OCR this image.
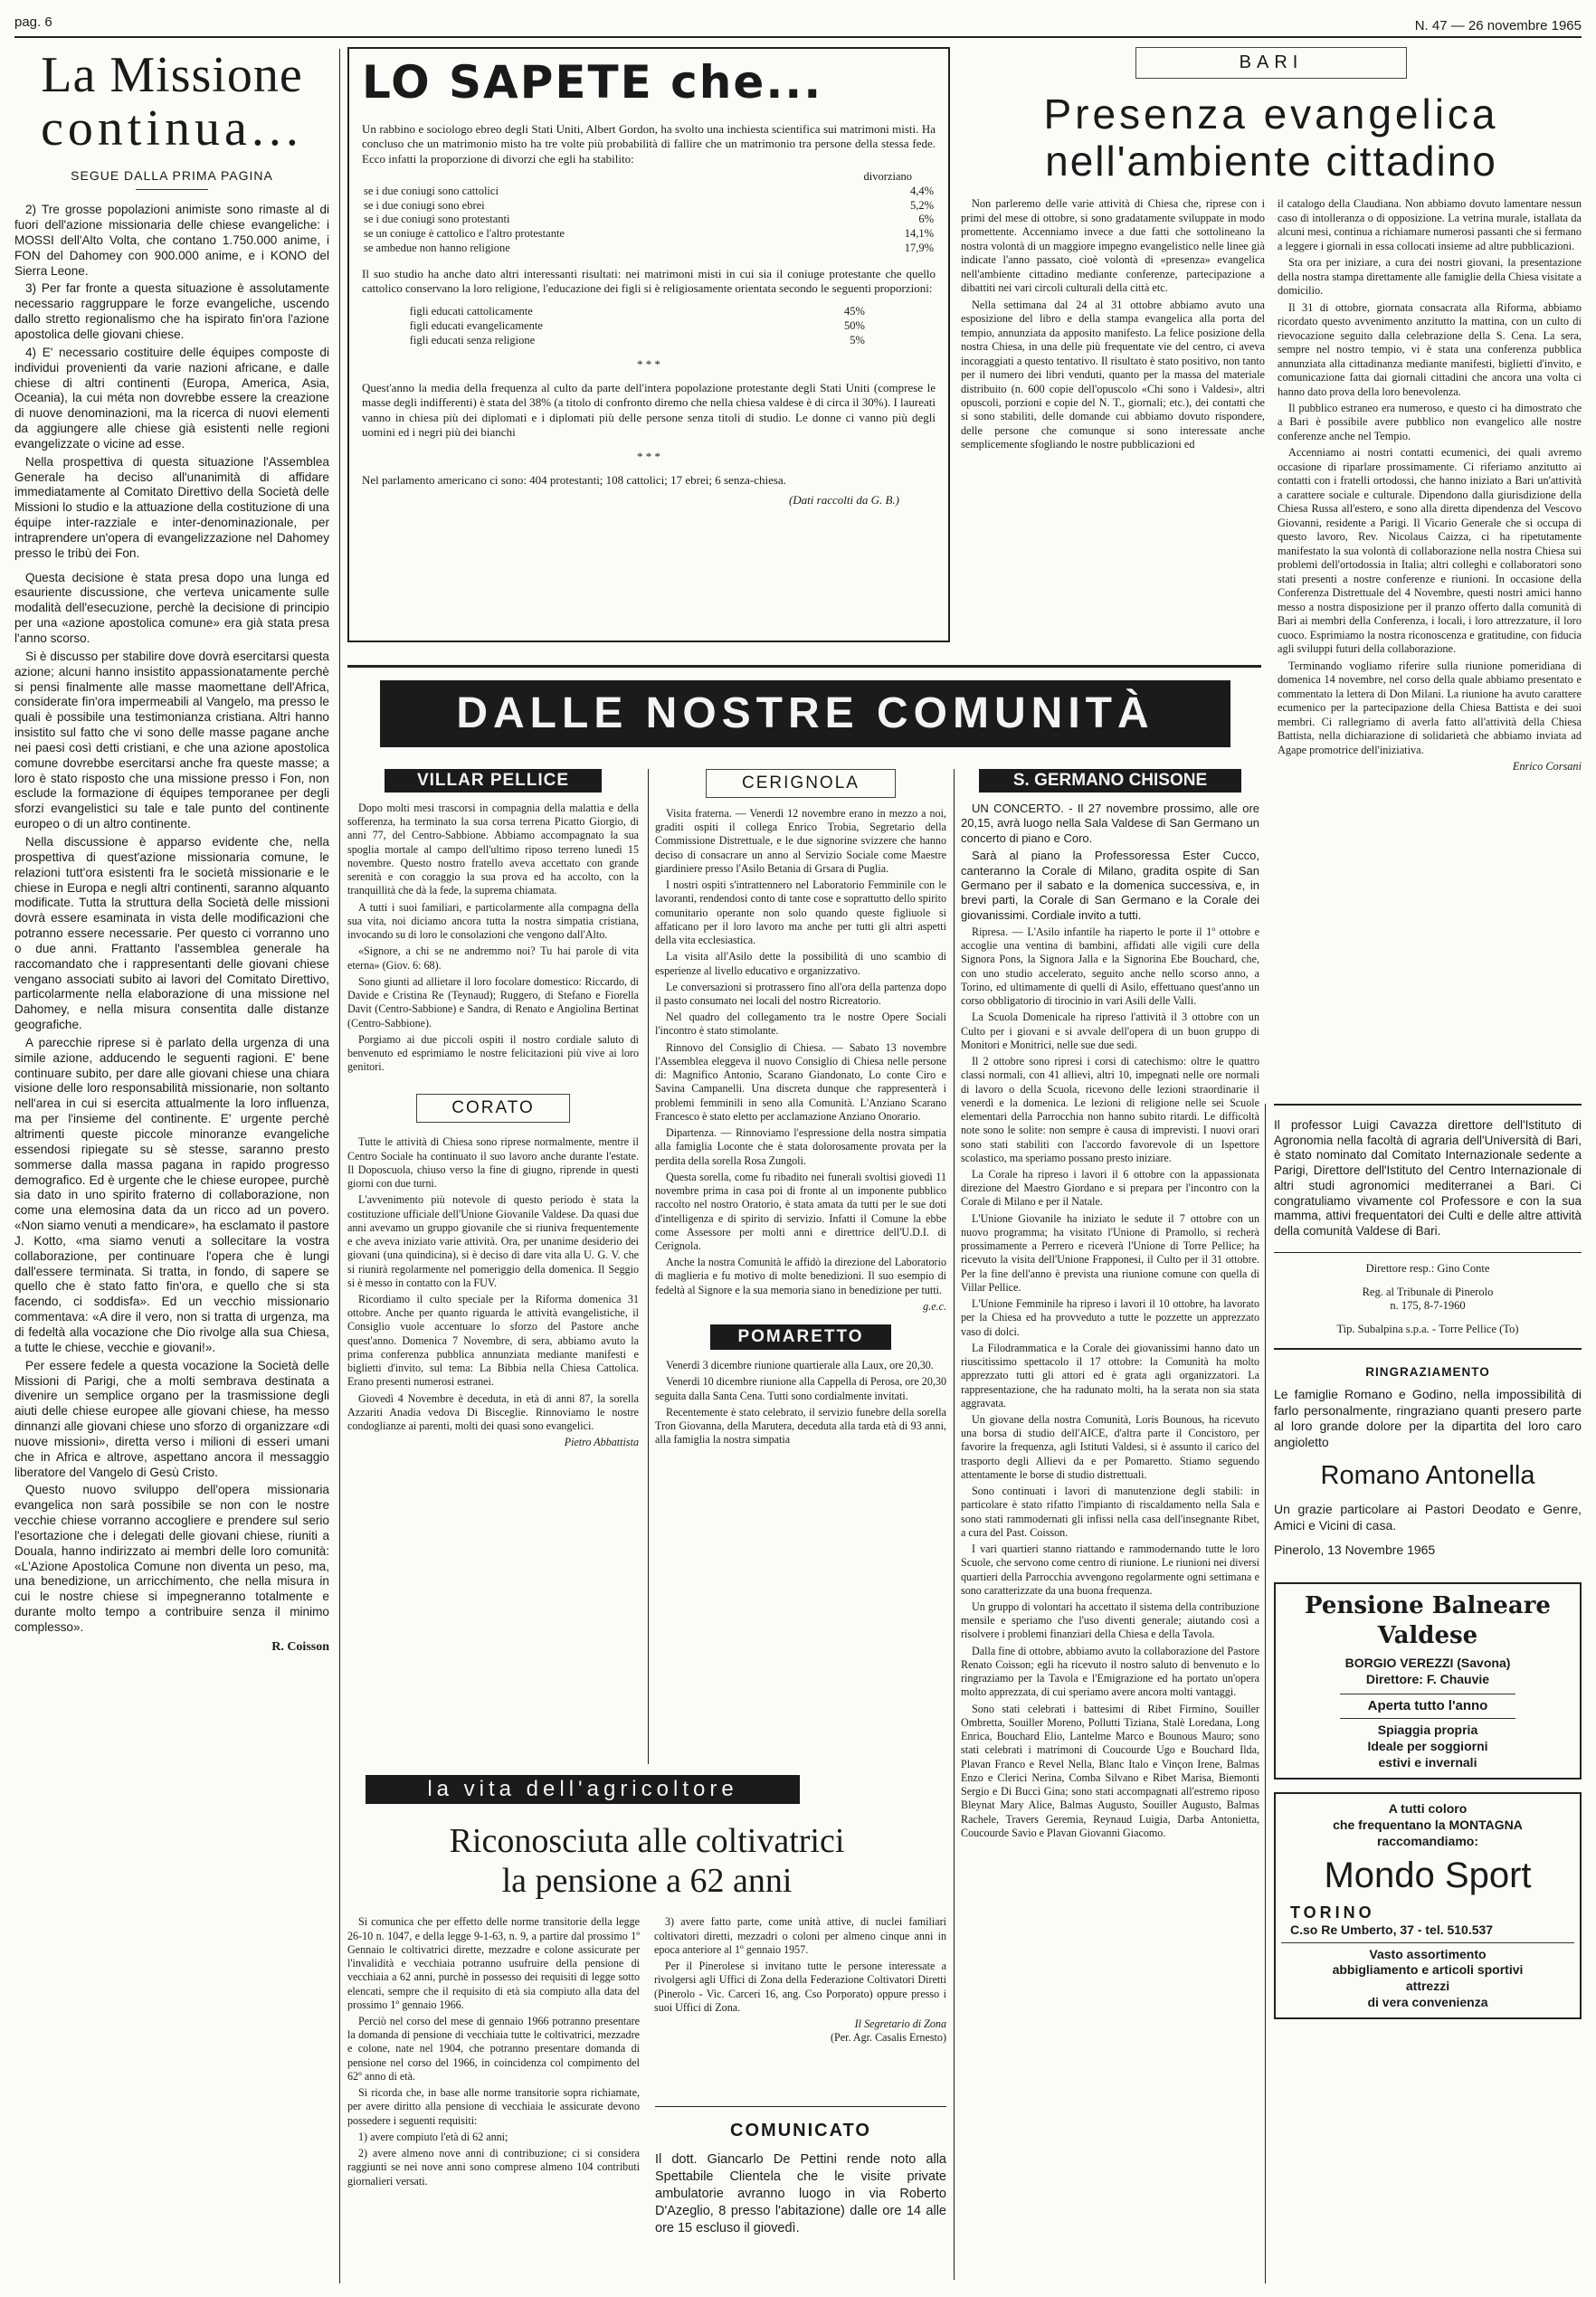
pag. 6	N. 47 — 26 novembre 1965
La Missione
continua...
SEGUE DALLA PRIMA PAGINA

2) Tre grosse popolazioni animiste sono rimaste al di fuori dell'azione missionaria delle chiese evangeliche: i MOSSI dell'Alto Volta, che contano 1.750.000 anime, i FON del Dahomey con 900.000 anime, e i KONO del Sierra Leone.

3) Per far fronte a questa situazione è assolutamente necessario raggruppare le forze evangeliche, uscendo dallo stretto regionalismo che ha ispirato fin'ora l'azione apostolica delle giovani chiese.

4) E' necessario costituire delle équipes composte di individui provenienti da varie nazioni africane, e dalle chiese di altri continenti (Europa, America, Asia, Oceania), la cui méta non dovrebbe essere la creazione di nuove denominazioni, ma la ricerca di nuovi elementi da aggiungere alle chiese già esistenti nelle regioni evangelizzate o vicine ad esse.

Nella prospettiva di questa situazione l'Assemblea Generale ha deciso all'unanimità di affidare immediatamente al Comitato Direttivo della Società delle Missioni lo studio e la attuazione della costituzione di una équipe inter-razziale e inter-denominazionale, per intraprendere un'opera di evangelizzazione nel Dahomey presso le tribù dei Fon.

Questa decisione è stata presa dopo una lunga ed esauriente discussione, che verteva unicamente sulle modalità dell'esecuzione, perchè la decisione di principio per una «azione apostolica comune» era già stata presa l'anno scorso.

Si è discusso per stabilire dove dovrà esercitarsi questa azione; alcuni hanno insistito appassionatamente perchè si pensi finalmente alle masse maomettane dell'Africa, considerate fin'ora impermeabili al Vangelo, ma presso le quali è possibile una testimonianza cristiana. Altri hanno insistito sul fatto che vi sono delle masse pagane anche nei paesi così detti cristiani, e che una azione apostolica comune dovrebbe esercitarsi anche fra queste masse; a loro è stato risposto che una missione presso i Fon, non esclude la formazione di équipes temporanee per degli sforzi evangelistici su tale e tale punto del continente europeo o di un altro continente.

Nella discussione è apparso evidente che, nella prospettiva di quest'azione missionaria comune, le relazioni tutt'ora esistenti fra le società missionarie e le chiese in Europa e negli altri continenti, saranno alquanto modificate. Tutta la struttura della Società delle missioni dovrà essere esaminata in vista delle modificazioni che potranno essere necessarie. Per questo ci vorranno uno o due anni. Frattanto l'assemblea generale ha raccomandato che i rappresentanti delle giovani chiese vengano associati subito ai lavori del Comitato Direttivo, particolarmente nella elaborazione di una missione nel Dahomey, e nella misura consentita dalle distanze geografiche.

A parecchie riprese si è parlato della urgenza di una simile azione, adducendo le seguenti ragioni. E' bene continuare subito, per dare alle giovani chiese una chiara visione delle loro responsabilità missionarie, non soltanto nell'area in cui si esercita attualmente la loro influenza, ma per l'insieme del continente. E' urgente perchè altrimenti queste piccole minoranze evangeliche essendosi ripiegate su sè stesse, saranno presto sommerse dalla massa pagana in rapido progresso demografico. Ed è urgente che le chiese europee, purchè sia dato in uno spirito fraterno di collaborazione, non come una elemosina data da un ricco ad un povero. «Non siamo venuti a mendicare», ha esclamato il pastore J. Kotto, «ma siamo venuti a sollecitare la vostra collaborazione, per continuare l'opera che è lungi dall'essere terminata. Si tratta, in fondo, di sapere se quello che è stato fatto fin'ora, e quello che si sta facendo, ci soddisfa». Ed un vecchio missionario commentava: «A dire il vero, non si tratta di urgenza, ma di fedeltà alla vocazione che Dio rivolge alla sua Chiesa, a tutte le chiese, vecchie e giovani!».

Per essere fedele a questa vocazione la Società delle Missioni di Parigi, che a molti sembrava destinata a divenire un semplice organo per la trasmissione degli aiuti delle chiese europee alle giovani chiese, ha messo dinnanzi alle giovani chiese uno sforzo di organizzare «di nuove missioni», diretta verso i milioni di esseri umani che in Africa e altrove, aspettano ancora il messaggio liberatore del Vangelo di Gesù Cristo.

Questo nuovo sviluppo dell'opera missionaria evangelica non sarà possibile se non con le nostre vecchie chiese vorranno accogliere e prendere sul serio l'esortazione che i delegati delle giovani chiese, riuniti a Douala, hanno indirizzato ai membri delle loro comunità: «L'Azione Apostolica Comune non diventa un peso, ma, una benedizione, un arricchimento, che nella misura in cui le nostre chiese si impegneranno totalmente e durante molto tempo a contribuire senza il minimo complesso».

R. Coisson
LO SAPETE che...
Un rabbino e sociologo ebreo degli Stati Uniti, Albert Gordon, ha svolto una inchiesta scientifica sui matrimoni misti. Ha concluso che un matrimonio misto ha tre volte più probabilità di fallire che un matrimonio tra persone della stessa fede. Ecco infatti la proporzione di divorzi che egli ha stabilito:
divorziano
se i due coniugi sono cattolici	4,4%
se i due coniugi sono ebrei	5,2%
se i due coniugi sono protestanti	6%
se un coniuge è cattolico e l'altro protestante	14,1%
se ambedue non hanno religione	17,9%
Il suo studio ha anche dato altri interessanti risultati: nei matrimoni misti in cui sia il coniuge protestante che quello cattolico conservano la loro religione, l'educazione dei figli si è religiosamente orientata secondo le seguenti proporzioni:
figli educati cattolicamente	45%
figli educati evangelicamente	50%
figli educati senza religione	5%
* * *
Quest'anno la media della frequenza al culto da parte dell'intera popolazione protestante degli Stati Uniti (comprese le masse degli indifferenti) è stata del 38% (a titolo di confronto diremo che nella chiesa valdese è di circa il 30%). I laureati vanno in chiesa più dei diplomati e i diplomati più delle persone senza titoli di studio. Le donne ci vanno più degli uomini ed i negri più dei bianchi
* * *
Nel parlamento americano ci sono: 404 protestanti; 108 cattolici; 17 ebrei; 6 senza-chiesa.
(Dati raccolti da G. B.)
BARI
Presenza evangelica
nell'ambiente cittadino

Non parleremo delle varie attività di Chiesa che, riprese con i primi del mese di ottobre, si sono gradatamente sviluppate in modo promettente. Accenniamo invece a due fatti che sottolineano la nostra volontà di un maggiore impegno evangelistico nelle linee già indicate l'anno passato, cioè volontà di «presenza» evangelica nell'ambiente cittadino mediante conferenze, partecipazione a dibattiti nei vari circoli culturali della città etc.

Nella settimana dal 24 al 31 ottobre abbiamo avuto una esposizione del libro e della stampa evangelica alla porta del tempio, annunziata da apposito manifesto. La felice posizione della nostra Chiesa, in una delle più frequentate vie del centro, ci aveva incoraggiati a questo tentativo. Il risultato è stato positivo, non tanto per il numero dei libri venduti, quanto per la massa del materiale distribuito (n. 600 copie dell'opuscolo «Chi sono i Valdesi», altri opuscoli, porzioni e copie del N. T., giornali; etc.), dei contatti che si sono stabiliti, delle domande cui abbiamo dovuto rispondere, delle persone che comunque si sono interessate anche semplicemente sfogliando le nostre pubblicazioni ed

il catalogo della Claudiana. Non abbiamo dovuto lamentare nessun caso di intolleranza o di opposizione. La vetrina murale, istallata da alcuni mesi, continua a richiamare numerosi passanti che si fermano a leggere i giornali in essa collocati insieme ad altre pubblicazioni.

Sta ora per iniziare, a cura dei nostri giovani, la presentazione della nostra stampa direttamente alle famiglie della Chiesa visitate a domicilio.

Il 31 di ottobre, giornata consacrata alla Riforma, abbiamo ricordato questo avvenimento anzitutto la mattina, con un culto di rievocazione seguito dalla celebrazione della S. Cena. La sera, sempre nel nostro tempio, vi è stata una conferenza pubblica annunziata alla cittadinanza mediante manifesti, biglietti d'invito, e comunicazione fatta dai giornali cittadini che ancora una volta ci hanno dato prova della loro benevolenza.

Il pubblico estraneo era numeroso, e questo ci ha dimostrato che a Bari è possibile avere pubblico non evangelico alle nostre conferenze anche nel Tempio.

Accenniamo ai nostri contatti ecumenici, dei quali avremo occasione di riparlare prossimamente. Ci riferiamo anzitutto ai contatti con i fratelli ortodossi, che hanno iniziato a Bari un'attività a carattere sociale e culturale. Dipendono dalla giurisdizione della Chiesa Russa all'estero, e sono alla diretta dipendenza del Vescovo Giovanni, residente a Parigi. Il Vicario Generale che si occupa di questo lavoro, Rev. Nicolaus Caizza, ci ha ripetutamente manifestato la sua volontà di collaborazione nella nostra Chiesa sui problemi dell'ortodossia in Italia; altri colleghi e collaboratori sono stati presenti a nostre conferenze e riunioni. In occasione della Conferenza Distrettuale del 4 Novembre, questi nostri amici hanno messo a nostra disposizione per il pranzo offerto dalla comunità di Bari ai membri della Conferenza, i locali, i loro attrezzature, il loro cuoco. Esprimiamo la nostra riconoscenza e gratitudine, con fiducia agli sviluppi futuri della collaborazione.

Terminando vogliamo riferire sulla riunione pomeridiana di domenica 14 novembre, nel corso della quale abbiamo presentato e commentato la lettera di Don Milani. La riunione ha avuto carattere ecumenico per la partecipazione della Chiesa Battista e dei suoi membri. Ci rallegriamo di averla fatto all'attività della Chiesa Battista, nella dichiarazione di solidarietà che abbiamo inviata ad Agape promotrice dell'iniziativa.

Enrico Corsani
Il professor Luigi Cavazza direttore dell'Istituto di Agronomia nella facoltà di agraria dell'Università di Bari, è stato nominato dal Comitato Internazionale sedente a Parigi, Direttore dell'Istituto del Centro Internazionale di altri studi agronomici mediterranei a Bari. Ci congratuliamo vivamente col Professore e con la sua mamma, attivi frequentatori dei Culti e delle altre attività della comunità Valdese di Bari.
Direttore resp.: Gino Conte
Reg. al Tribunale di Pinerolo
n. 175, 8-7-1960
Tip. Subalpina s.p.a. - Torre Pellice (To)
RINGRAZIAMENTO
Le famiglie Romano e Godino, nella impossibilità di farlo personalmente, ringraziano quanti presero parte al loro grande dolore per la dipartita del loro caro angioletto
Romano Antonella
Un grazie particolare ai Pastori Deodato e Genre, Amici e Vicini di casa.
Pinerolo, 13 Novembre 1965
Pensione Balneare
Valdese
BORGIO VEREZZI (Savona)
Direttore: F. Chauvie
Aperta tutto l'anno
Spiaggia propria
Ideale per soggiorni
estivi e invernali
A tutti coloro
che frequentano la MONTAGNA
raccomandiamo:
Mondo Sport
TORINO
C.so Re Umberto, 37 - tel. 510.537
Vasto assortimento
abbigliamento e articoli sportivi
attrezzi
di vera convenienza
DALLE NOSTRE COMUNITÀ
VILLAR PELLICE

Dopo molti mesi trascorsi in compagnia della malattia e della sofferenza, ha terminato la sua corsa terrena Picatto Giorgio, di anni 77, del Centro-Sabbione. Abbiamo accompagnato la sua spoglia mortale al campo dell'ultimo riposo terreno lunedì 15 novembre. Questo nostro fratello aveva accettato con grande serenità e con coraggio la sua prova ed ha accolto, con la tranquillità che dà la fede, la suprema chiamata.

A tutti i suoi familiari, e particolarmente alla compagna della sua vita, noi diciamo ancora tutta la nostra simpatia cristiana, invocando su di loro le consolazioni che vengono dall'Alto.

«Signore, a chi se ne andremmo noi? Tu hai parole di vita eterna» (Giov. 6: 68).

Sono giunti ad allietare il loro focolare domestico: Riccardo, di Davide e Cristina Re (Teynaud); Ruggero, di Stefano e Fiorella Davit (Centro-Sabbione) e Sandra, di Renato e Angiolina Bertinat (Centro-Sabbione).

Porgiamo ai due piccoli ospiti il nostro cordiale saluto di benvenuto ed esprimiamo le nostre felicitazioni più vive ai loro genitori.

CORATO

Tutte le attività di Chiesa sono riprese normalmente, mentre il Centro Sociale ha continuato il suo lavoro anche durante l'estate. Il Doposcuola, chiuso verso la fine di giugno, riprende in questi giorni con due turni.

L'avvenimento più notevole di questo periodo è stata la costituzione ufficiale dell'Unione Giovanile Valdese. Da quasi due anni avevamo un gruppo giovanile che si riuniva frequentemente e che aveva iniziato varie attività. Ora, per unanime desiderio dei giovani (una quindicina), si è deciso di dare vita alla U. G. V. che si riunirà regolarmente nel pomeriggio della domenica. Il Seggio si è messo in contatto con la FUV.

Ricordiamo il culto speciale per la Riforma domenica 31 ottobre. Anche per quanto riguarda le attività evangelistiche, il Consiglio vuole accentuare lo sforzo del Pastore anche quest'anno. Domenica 7 Novembre, di sera, abbiamo avuto la prima conferenza pubblica annunziata mediante manifesti e biglietti d'invito, sul tema: La Bibbia nella Chiesa Cattolica. Erano presenti numerosi estranei.

Giovedì 4 Novembre è deceduta, in età di anni 87, la sorella Azzariti Anadia vedova Di Bisceglie. Rinnoviamo le nostre condoglianze ai parenti, molti dei quasi sono evangelici.

Pietro Abbattista
CERIGNOLA

Visita fraterna. — Venerdì 12 novembre erano in mezzo a noi, graditi ospiti il collega Enrico Trobia, Segretario della Commissione Distrettuale, e le due signorine svizzere che hanno deciso di consacrare un anno al Servizio Sociale come Maestre giardiniere presso l'Asilo Betania di Grsara di Puglia.

I nostri ospiti s'intrattennero nel Laboratorio Femminile con le lavoranti, rendendosi conto di tante cose e soprattutto dello spirito comunitario operante non solo quando queste figliuole si affaticano per il loro lavoro ma anche per tutti gli altri aspetti della vita ecclesiastica.

La visita all'Asilo dette la possibilità di uno scambio di esperienze al livello educativo e organizzativo.

Le conversazioni si protrassero fino all'ora della partenza dopo il pasto consumato nei locali del nostro Ricreatorio.

Nel quadro del collegamento tra le nostre Opere Sociali l'incontro è stato stimolante.

Rinnovo del Consiglio di Chiesa. — Sabato 13 novembre l'Assemblea eleggeva il nuovo Consiglio di Chiesa nelle persone di: Magnifico Antonio, Scarano Giandonato, Lo conte Ciro e Savina Campanelli. Una discreta dunque che rappresenterà i problemi femminili in seno alla Comunità. L'Anziano Scarano Francesco è stato eletto per acclamazione Anziano Onorario.

Dipartenza. — Rinnoviamo l'espressione della nostra simpatia alla famiglia Loconte che è stata dolorosamente provata per la perdita della sorella Rosa Zungoli.

Questa sorella, come fu ribadito nei funerali svoltisi giovedì 11 novembre prima in casa poi di fronte al un imponente pubblico raccolto nel nostro Oratorio, è stata amata da tutti per le sue doti d'intelligenza e di spirito di servizio. Infatti il Comune la ebbe come Assessore per molti anni e direttrice dell'U.D.I. di Cerignola.

Anche la nostra Comunità le affidò la direzione del Laboratorio di maglieria e fu motivo di molte benedizioni. Il suo esempio di fedeltà al Signore e la sua memoria siano in benedizione per tutti.

g.e.c.
POMARETTO

Venerdì 3 dicembre riunione quartierale alla Laux, ore 20,30.

Venerdì 10 dicembre riunione alla Cappella di Perosa, ore 20,30 seguita dalla Santa Cena. Tutti sono cordialmente invitati.

Recentemente è stato celebrato, il servizio funebre della sorella Tron Giovanna, della Marutera, deceduta alla tarda età di 93 anni, alla famiglia la nostra simpatia

S. GERMANO CHISONE

UN CONCERTO. - Il 27 novembre prossimo, alle ore 20,15, avrà luogo nella Sala Valdese di San Germano un concerto di piano e Coro.

Sarà al piano la Professoressa Ester Cucco, canteranno la Corale di Milano, gradita ospite di San Germano per il sabato e la domenica successiva, e, in brevi parti, la Corale di San Germano e la Corale dei giovanissimi. Cordiale invito a tutti.

Ripresa. — L'Asilo infantile ha riaperto le porte il 1º ottobre e accoglie una ventina di bambini, affidati alle vigili cure della Signora Pons, la Signora Jalla e la Signorina Ebe Bouchard, che, con uno studio accelerato, seguito anche nello scorso anno, a Torino, ed ultimamente di quelli di Asilo, effettuano quest'anno un corso obbligatorio di tirocinio in vari Asili delle Valli.

La Scuola Domenicale ha ripreso l'attività il 3 ottobre con un Culto per i giovani e si avvale dell'opera di un buon gruppo di Monitori e Monitrici, nelle sue due sedi.

Il 2 ottobre sono ripresi i corsi di catechismo: oltre le quattro classi normali, con 41 allievi, altri 10, impegnati nelle ore normali di lavoro o della Scuola, ricevono delle lezioni straordinarie il venerdì e la domenica. Le lezioni di religione nelle sei Scuole elementari della Parrocchia non hanno subito ritardi. Le difficoltà note sono le solite: non sempre è causa di imprevisti. I nuovi orari sono stati stabiliti con l'accordo favorevole di un Ispettore scolastico, ma speriamo possano presto iniziare.

La Corale ha ripreso i lavori il 6 ottobre con la appassionata direzione del Maestro Giordano e si prepara per l'incontro con la Corale di Milano e per il Natale.

L'Unione Giovanile ha iniziato le sedute il 7 ottobre con un nuovo programma; ha visitato l'Unione di Pramollo, si recherà prossimamente a Perrero e riceverà l'Unione di Torre Pellice; ha ricevuto la visita dell'Unione Frapponesi, il Culto per il 31 ottobre. Per la fine dell'anno è prevista una riunione comune con quella di Villar Pellice.

L'Unione Femminile ha ripreso i lavori il 10 ottobre, ha lavorato per la Chiesa ed ha provveduto a tutte le pozzette un apprezzato vaso di dolci.

La Filodrammatica e la Corale dei giovanissimi hanno dato un riuscitissimo spettacolo il 17 ottobre: la Comunità ha molto apprezzato tutti gli attori ed è grata agli organizzatori. La rappresentazione, che ha radunato molti, ha la serata non sia stata aggravata.

Un giovane della nostra Comunità, Loris Bounous, ha ricevuto una borsa di studio dell'AICE, d'altra parte il Concistoro, per favorire la frequenza, agli Istituti Valdesi, si è assunto il carico del trasporto degli Allievi da e per Pomaretto. Stiamo seguendo attentamente le borse di studio distrettuali.

Sono continuati i lavori di manutenzione degli stabili: in particolare è stato rifatto l'impianto di riscaldamento nella Sala e sono stati rammodernati gli infissi nella casa dell'insegnante Ribet, a cura del Past. Coisson.

I vari quartieri stanno riattando e rammodernando tutte le loro Scuole, che servono come centro di riunione. Le riunioni nei diversi quartieri della Parrocchia avvengono regolarmente ogni settimana e sono caratterizzate da una buona frequenza.

Un gruppo di volontari ha accettato il sistema della contribuzione mensile e speriamo che l'uso diventi generale; aiutando così a risolvere i problemi finanziari della Chiesa e della Tavola.

Dalla fine di ottobre, abbiamo avuto la collaborazione del Pastore Renato Coisson; egli ha ricevuto il nostro saluto di benvenuto e lo ringraziamo per la Tavola e l'Emigrazione ed ha portato un'opera molto apprezzata, di cui speriamo avere ancora molti vantaggi.

Sono stati celebrati i battesimi di Ribet Firmino, Souiller Ombretta, Souiller Moreno, Pollutti Tiziana, Stalè Loredana, Long Enrica, Bouchard Elio, Lantelme Marco e Bounous Mauro; sono stati celebrati i matrimoni di Coucourde Ugo e Bouchard Ilda, Plavan Franco e Revel Nella, Blanc Italo e Vinçon Irene, Balmas Enzo e Clerici Nerina, Comba Silvano e Ribet Marisa, Biemonti Sergio e Di Bucci Gina; sono stati accompagnati all'estremo riposo Bleynat Mary Alice, Balmas Augusto, Souiller Augusto, Balmas Rachele, Travers Geremia, Reynaud Luigia, Darba Antonietta, Coucourde Savio e Plavan Giovanni Giacomo.

la vita dell'agricoltore
Riconosciuta alle coltivatrici
la pensione a 62 anni

Si comunica che per effetto delle norme transitorie della legge 26-10 n. 1047, e della legge 9-1-63, n. 9, a partire dal prossimo 1º Gennaio le coltivatrici dirette, mezzadre e colone assicurate per l'invalidità e vecchiaia potranno usufruire della pensione di vecchiaia a 62 anni, purchè in possesso dei requisiti di legge sotto elencati, sempre che il requisito di età sia compiuto alla data del prossimo 1º gennaio 1966.

Perciò nel corso del mese di gennaio 1966 potranno presentare la domanda di pensione di vecchiaia tutte le coltivatrici, mezzadre e colone, nate nel 1904, che potranno presentare domanda di pensione nel corso del 1966, in coincidenza col compimento del 62º anno di età.

Si ricorda che, in base alle norme transitorie sopra richiamate, per avere diritto alla pensione di vecchiaia le assicurate devono possedere i seguenti requisiti:

1) avere compiuto l'età di 62 anni;

2) avere almeno nove anni di contribuzione; ci si considera raggiunti se nei nove anni sono comprese almeno 104 contributi giornalieri versati.

3) avere fatto parte, come unità attive, di nuclei familiari coltivatori diretti, mezzadri o coloni per almeno cinque anni in epoca anteriore al 1º gennaio 1957.

Per il Pinerolese si invitano tutte le persone interessate a rivolgersi agli Uffici di Zona della Federazione Coltivatori Diretti (Pinerolo - Vic. Carceri 16, ang. Cso Porporato) oppure presso i suoi Uffici di Zona.

Il Segretario di Zona
(Per. Agr. Casalis Ernesto)
COMUNICATO
Il dott. Giancarlo De Pettini rende noto alla Spettabile Clientela che le visite private ambulatorie avranno luogo in via Roberto D'Azeglio, 8 presso l'abitazione) dalle ore 14 alle ore 15 escluso il giovedì.
